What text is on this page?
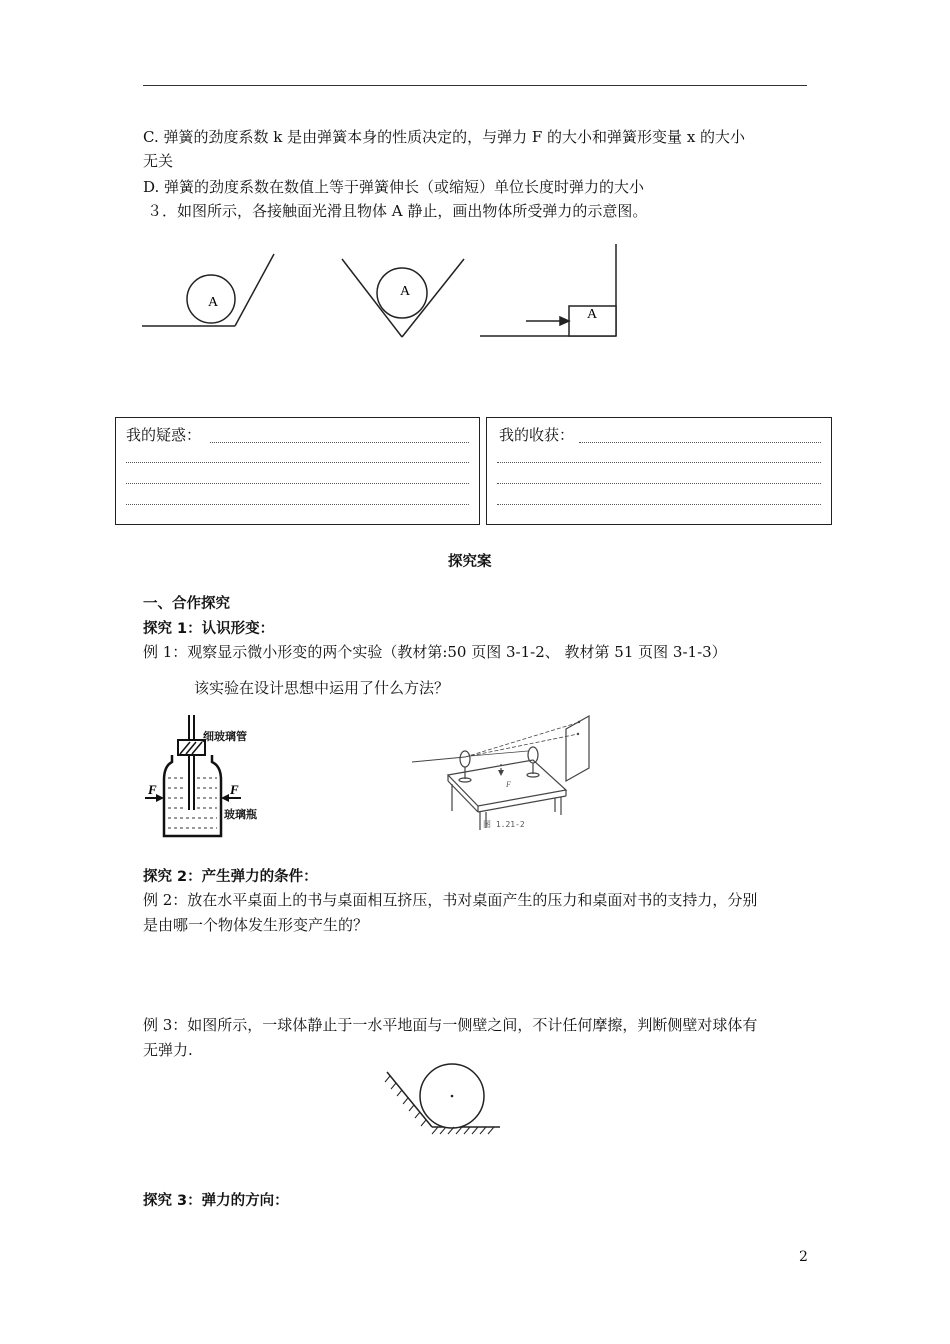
C. 弹簧的劲度系数 k 是由弹簧本身的性质决定的，与弹力 F 的大小和弹簧形变量 x 的大小
无关
D. 弹簧的劲度系数在数值上等于弹簧伸长（或缩短）单位长度时弹力的大小
３．如图所示，各接触面光滑且物体 A 静止，画出物体所受弹力的示意图。
A
A
A
我的疑惑：	我的收获：
探究案
一、合作探究
探究 1：认识形变：
例 1：观察显示微小形变的两个实验（教材第:50 页图 3-1-2、 教材第 51 页图 3-1-3）
该实验在设计思想中运用了什么方法？
F	F
细玻璃管
玻璃瓶
F
图 1.21-2
探究 2：产生弹力的条件：
例 2：放在水平桌面上的书与桌面相互挤压，书对桌面产生的压力和桌面对书的支持力，分别
是由哪一个物体发生形变产生的？
例 3：如图所示，一球体静止于一水平地面与一侧壁之间，不计任何摩擦，判断侧壁对球体有
无弹力.
探究 3：弹力的方向：
2
